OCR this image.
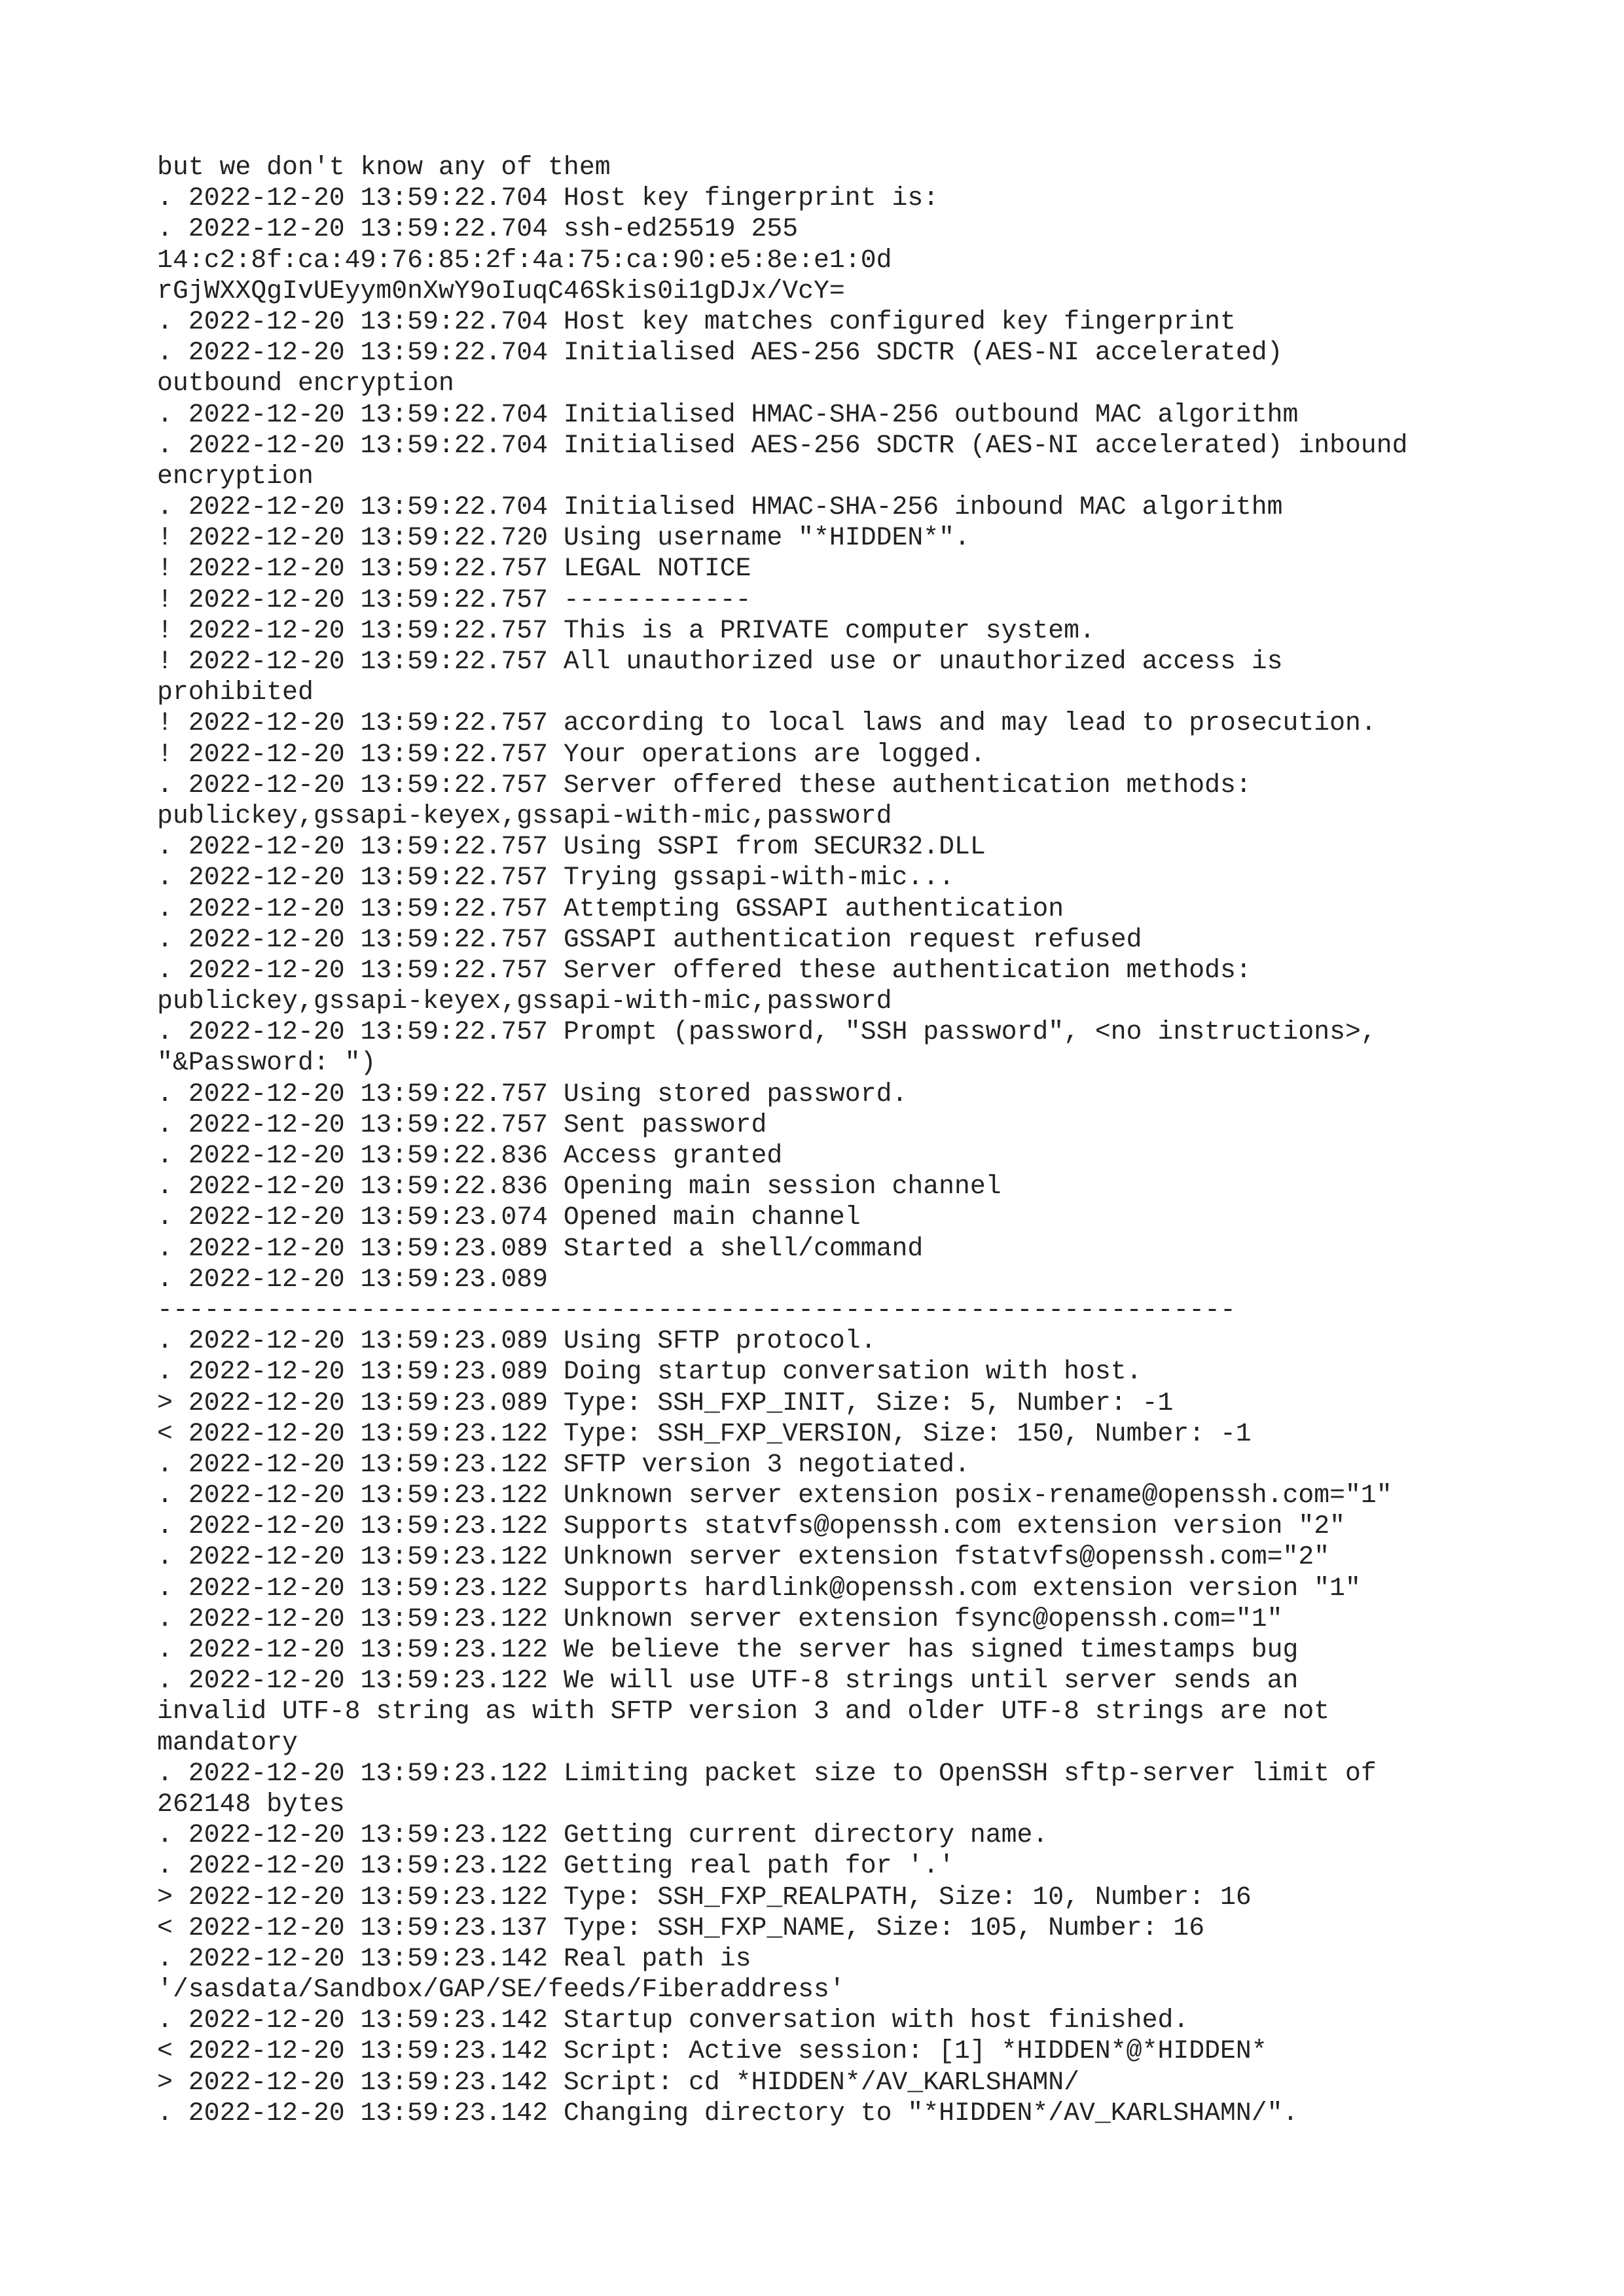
but we don't know any of them
. 2022-12-20 13:59:22.704 Host key fingerprint is:
. 2022-12-20 13:59:22.704 ssh-ed25519 255
14:c2:8f:ca:49:76:85:2f:4a:75:ca:90:e5:8e:e1:0d
rGjWXXQgIvUEyym0nXwY9oIuqC46Skis0i1gDJx/VcY=
. 2022-12-20 13:59:22.704 Host key matches configured key fingerprint
. 2022-12-20 13:59:22.704 Initialised AES-256 SDCTR (AES-NI accelerated)
outbound encryption
. 2022-12-20 13:59:22.704 Initialised HMAC-SHA-256 outbound MAC algorithm
. 2022-12-20 13:59:22.704 Initialised AES-256 SDCTR (AES-NI accelerated) inbound
encryption
. 2022-12-20 13:59:22.704 Initialised HMAC-SHA-256 inbound MAC algorithm
! 2022-12-20 13:59:22.720 Using username "*HIDDEN*".
! 2022-12-20 13:59:22.757 LEGAL NOTICE
! 2022-12-20 13:59:22.757 ------------
! 2022-12-20 13:59:22.757 This is a PRIVATE computer system.
! 2022-12-20 13:59:22.757 All unauthorized use or unauthorized access is
prohibited
! 2022-12-20 13:59:22.757 according to local laws and may lead to prosecution.
! 2022-12-20 13:59:22.757 Your operations are logged.
. 2022-12-20 13:59:22.757 Server offered these authentication methods:
publickey,gssapi-keyex,gssapi-with-mic,password
. 2022-12-20 13:59:22.757 Using SSPI from SECUR32.DLL
. 2022-12-20 13:59:22.757 Trying gssapi-with-mic...
. 2022-12-20 13:59:22.757 Attempting GSSAPI authentication
. 2022-12-20 13:59:22.757 GSSAPI authentication request refused
. 2022-12-20 13:59:22.757 Server offered these authentication methods:
publickey,gssapi-keyex,gssapi-with-mic,password
. 2022-12-20 13:59:22.757 Prompt (password, "SSH password", <no instructions>,
"&Password: ")
. 2022-12-20 13:59:22.757 Using stored password.
. 2022-12-20 13:59:22.757 Sent password
. 2022-12-20 13:59:22.836 Access granted
. 2022-12-20 13:59:22.836 Opening main session channel
. 2022-12-20 13:59:23.074 Opened main channel
. 2022-12-20 13:59:23.089 Started a shell/command
. 2022-12-20 13:59:23.089
---------------------------------------------------------------------
. 2022-12-20 13:59:23.089 Using SFTP protocol.
. 2022-12-20 13:59:23.089 Doing startup conversation with host.
> 2022-12-20 13:59:23.089 Type: SSH_FXP_INIT, Size: 5, Number: -1
< 2022-12-20 13:59:23.122 Type: SSH_FXP_VERSION, Size: 150, Number: -1
. 2022-12-20 13:59:23.122 SFTP version 3 negotiated.
. 2022-12-20 13:59:23.122 Unknown server extension posix-rename@openssh.com="1"
. 2022-12-20 13:59:23.122 Supports statvfs@openssh.com extension version "2"
. 2022-12-20 13:59:23.122 Unknown server extension fstatvfs@openssh.com="2"
. 2022-12-20 13:59:23.122 Supports hardlink@openssh.com extension version "1"
. 2022-12-20 13:59:23.122 Unknown server extension fsync@openssh.com="1"
. 2022-12-20 13:59:23.122 We believe the server has signed timestamps bug
. 2022-12-20 13:59:23.122 We will use UTF-8 strings until server sends an
invalid UTF-8 string as with SFTP version 3 and older UTF-8 strings are not
mandatory
. 2022-12-20 13:59:23.122 Limiting packet size to OpenSSH sftp-server limit of
262148 bytes
. 2022-12-20 13:59:23.122 Getting current directory name.
. 2022-12-20 13:59:23.122 Getting real path for '.'
> 2022-12-20 13:59:23.122 Type: SSH_FXP_REALPATH, Size: 10, Number: 16
< 2022-12-20 13:59:23.137 Type: SSH_FXP_NAME, Size: 105, Number: 16
. 2022-12-20 13:59:23.142 Real path is
'/sasdata/Sandbox/GAP/SE/feeds/Fiberaddress'
. 2022-12-20 13:59:23.142 Startup conversation with host finished.
< 2022-12-20 13:59:23.142 Script: Active session: [1] *HIDDEN*@*HIDDEN*
> 2022-12-20 13:59:23.142 Script: cd *HIDDEN*/AV_KARLSHAMN/
. 2022-12-20 13:59:23.142 Changing directory to "*HIDDEN*/AV_KARLSHAMN/".
